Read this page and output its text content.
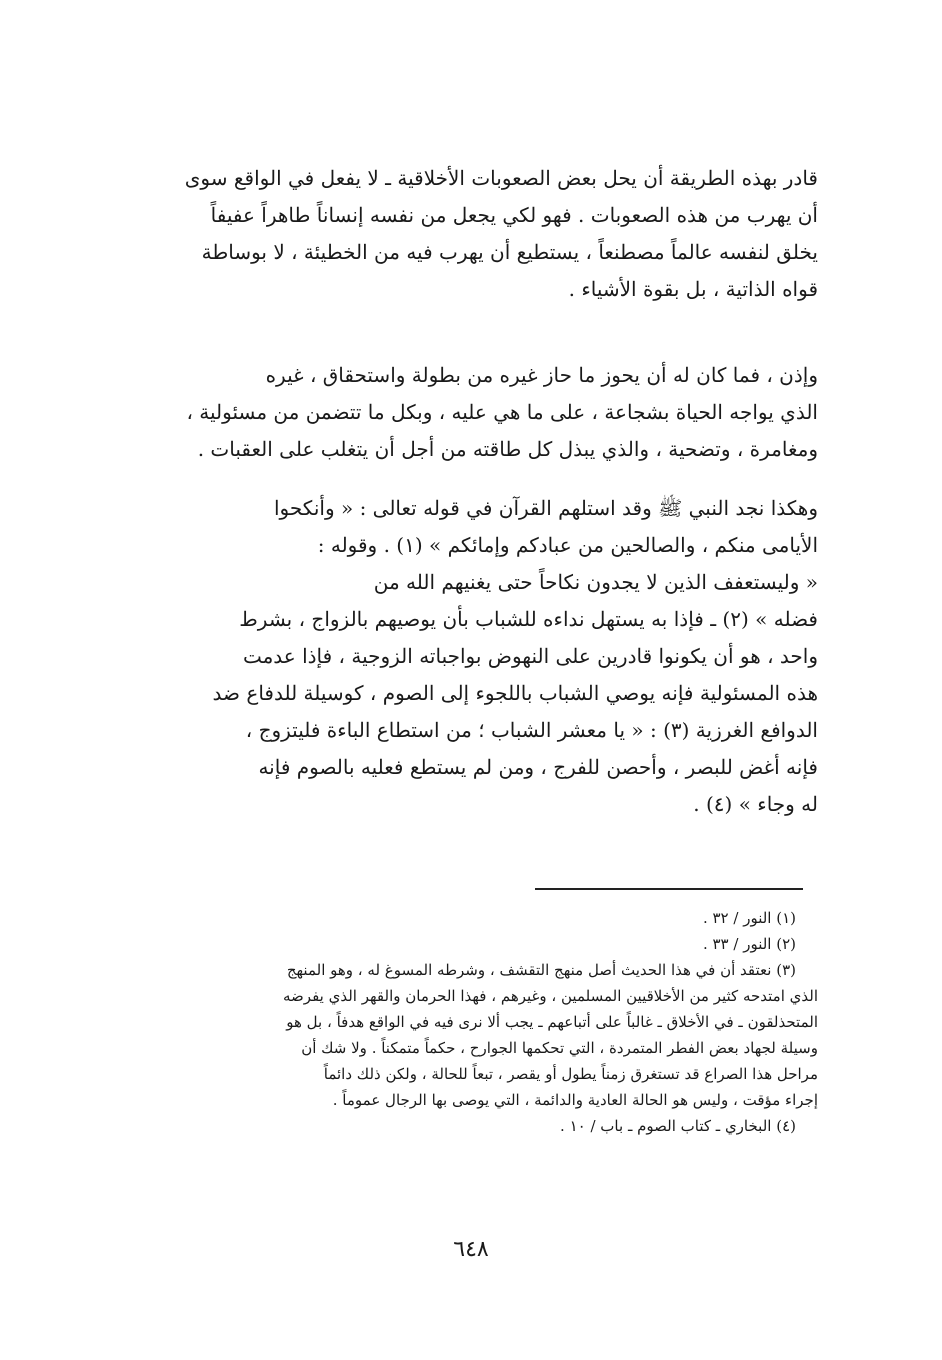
قادر بهذه الطريقة أن يحل بعض الصعوبات الأخلاقية ـ لا يفعل في الواقع سوى
أن يهرب من هذه الصعوبات . فهو لكي يجعل من نفسه إنساناً طاهراً عفيفاً
يخلق لنفسه عالماً مصطنعاً ، يستطيع أن يهرب فيه من الخطيئة ، لا بوساطة
قواه الذاتية ، بل بقوة الأشياء .
وإذن ، فما كان له أن يحوز ما حاز غيره من بطولة واستحقاق ، غيره
الذي يواجه الحياة بشجاعة ، على ما هي عليه ، وبكل ما تتضمن من مسئولية ،
ومغامرة ، وتضحية ، والذي يبذل كل طاقته من أجل أن يتغلب على العقبات .
وهكذا نجد النبي ﷺ وقد استلهم القرآن في قوله تعالى : « وأنكحوا
الأيامى منكم ، والصالحين من عبادكم وإمائكم » (١) . وقوله :
« وليستعفف الذين لا يجدون نكاحاً حتى يغنيهم الله من
فضله » (٢) ـ فإذا به يستهل نداءه للشباب بأن يوصيهم بالزواج ، بشرط
واحد ، هو أن يكونوا قادرين على النهوض بواجباته الزوجية ، فإذا عدمت
هذه المسئولية فإنه يوصي الشباب باللجوء إلى الصوم ، كوسيلة للدفاع ضد
الدوافع الغرزية (٣) : « يا معشر الشباب ؛ من استطاع الباءة فليتزوج ،
فإنه أغض للبصر ، وأحصن للفرج ، ومن لم يستطع فعليه بالصوم فإنه
له وجاء » (٤) .
(١) النور / ٣٢ .
(٢) النور / ٣٣ .
(٣) نعتقد أن في هذا الحديث أصل منهج التقشف ، وشرطه المسوغ له ، وهو المنهج
الذي امتدحه كثير من الأخلاقيين المسلمين ، وغيرهم ، فهذا الحرمان والقهر الذي يفرضه
المتحذلقون ـ في الأخلاق ـ غالباً على أتباعهم ـ يجب ألا نرى فيه في الواقع هدفاً ، بل هو
وسيلة لجهاد بعض الفطر المتمردة ، التي تحكمها الجوارح ، حكماً متمكناً . ولا شك أن
مراحل هذا الصراع قد تستغرق زمناً يطول أو يقصر ، تبعاً للحالة ، ولكن ذلك دائماً
إجراء مؤقت ، وليس هو الحالة العادية والدائمة ، التي يوصى بها الرجال عموماً .
(٤) البخاري ـ كتاب الصوم ـ باب / ١٠ .
٦٤٨
